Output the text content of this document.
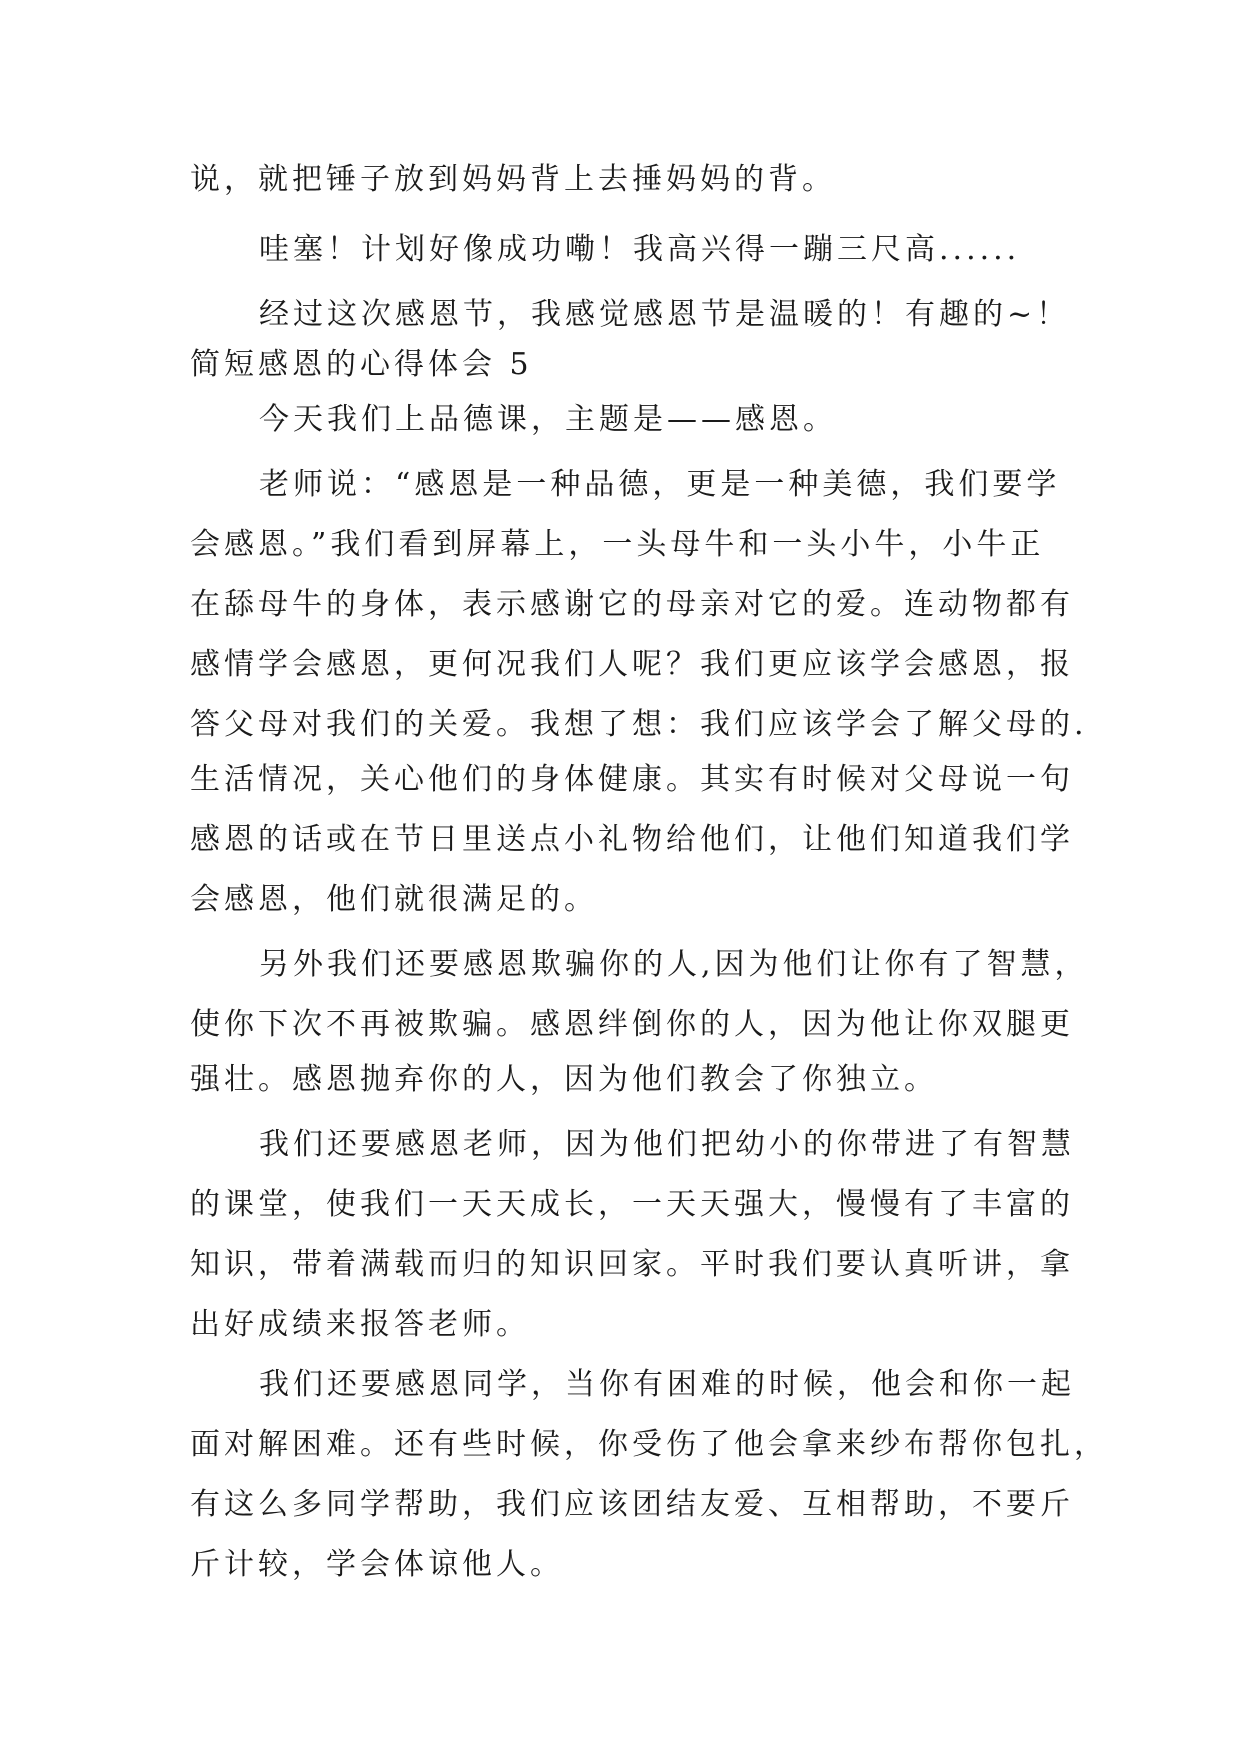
说，就把锤子放到妈妈背上去捶妈妈的背。
哇塞！计划好像成功嘞！我高兴得一蹦三尺高......
经过这次感恩节，我感觉感恩节是温暖的！有趣的~！
简短感恩的心得体会 5
今天我们上品德课，主题是——感恩。
老师说：“感恩是一种品德，更是一种美德，我们要学
会感恩。”我们看到屏幕上，一头母牛和一头小牛，小牛正
在舔母牛的身体，表示感谢它的母亲对它的爱。连动物都有
感情学会感恩，更何况我们人呢？我们更应该学会感恩，报
答父母对我们的关爱。我想了想：我们应该学会了解父母的.
生活情况，关心他们的身体健康。其实有时候对父母说一句
感恩的话或在节日里送点小礼物给他们，让他们知道我们学
会感恩，他们就很满足的。
另外我们还要感恩欺骗你的人,因为他们让你有了智慧，
使你下次不再被欺骗。感恩绊倒你的人，因为他让你双腿更
强壮。感恩抛弃你的人，因为他们教会了你独立。
我们还要感恩老师，因为他们把幼小的你带进了有智慧
的课堂，使我们一天天成长，一天天强大，慢慢有了丰富的
知识，带着满载而归的知识回家。平时我们要认真听讲，拿
出好成绩来报答老师。
我们还要感恩同学，当你有困难的时候，他会和你一起
面对解困难。还有些时候，你受伤了他会拿来纱布帮你包扎，
有这么多同学帮助，我们应该团结友爱、互相帮助，不要斤
斤计较，学会体谅他人。
